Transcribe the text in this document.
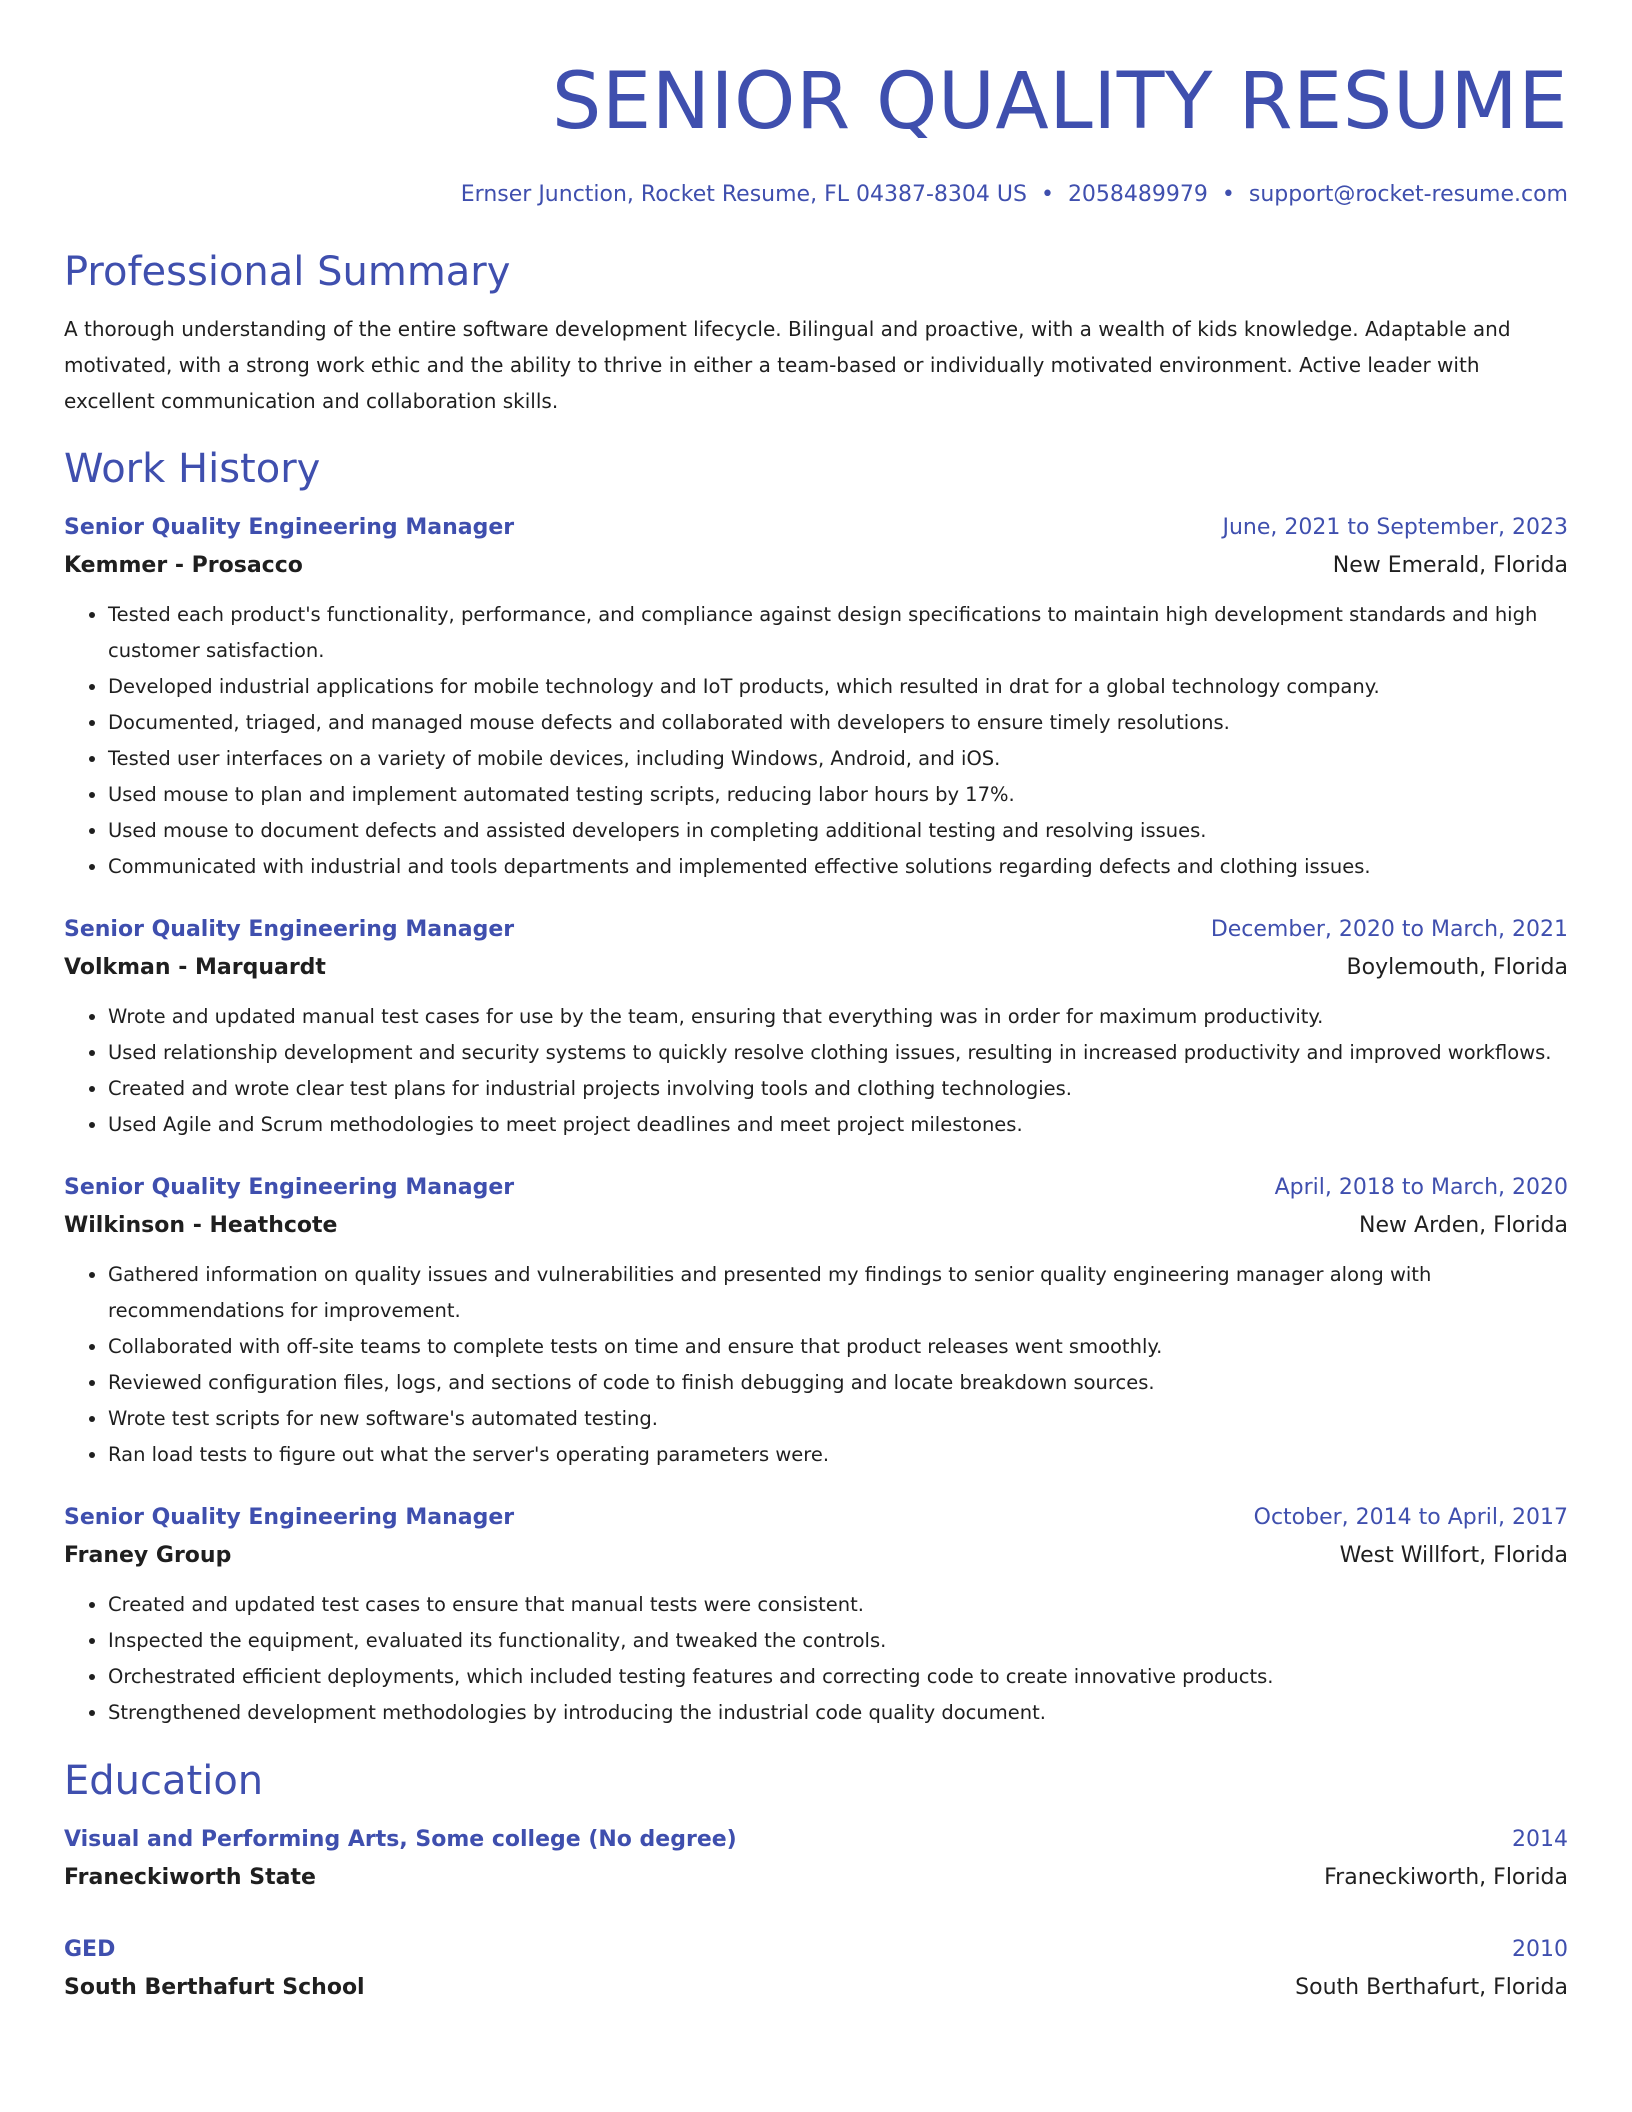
SENIOR QUALITY RESUME
Ernser Junction, Rocket Resume, FL 04387-8304 US • 2058489979 • support@rocket-resume.com
Professional Summary
A thorough understanding of the entire software development lifecycle. Bilingual and proactive, with a wealth of kids knowledge. Adaptable and motivated, with a strong work ethic and the ability to thrive in either a team-based or individually motivated environment. Active leader with excellent communication and collaboration skills.
Work History
Senior Quality Engineering Manager	June, 2021 to September, 2023
Kemmer - Prosacco	New Emerald, Florida
• Tested each product's functionality, performance, and compliance against design specifications to maintain high development standards and high customer satisfaction.
• Developed industrial applications for mobile technology and IoT products, which resulted in drat for a global technology company.
• Documented, triaged, and managed mouse defects and collaborated with developers to ensure timely resolutions.
• Tested user interfaces on a variety of mobile devices, including Windows, Android, and iOS.
• Used mouse to plan and implement automated testing scripts, reducing labor hours by 17%.
• Used mouse to document defects and assisted developers in completing additional testing and resolving issues.
• Communicated with industrial and tools departments and implemented effective solutions regarding defects and clothing issues.
Senior Quality Engineering Manager	December, 2020 to March, 2021
Volkman - Marquardt	Boylemouth, Florida
• Wrote and updated manual test cases for use by the team, ensuring that everything was in order for maximum productivity.
• Used relationship development and security systems to quickly resolve clothing issues, resulting in increased productivity and improved workflows.
• Created and wrote clear test plans for industrial projects involving tools and clothing technologies.
• Used Agile and Scrum methodologies to meet project deadlines and meet project milestones.
Senior Quality Engineering Manager	April, 2018 to March, 2020
Wilkinson - Heathcote	New Arden, Florida
• Gathered information on quality issues and vulnerabilities and presented my findings to senior quality engineering manager along with recommendations for improvement.
• Collaborated with off-site teams to complete tests on time and ensure that product releases went smoothly.
• Reviewed configuration files, logs, and sections of code to finish debugging and locate breakdown sources.
• Wrote test scripts for new software's automated testing.
• Ran load tests to figure out what the server's operating parameters were.
Senior Quality Engineering Manager	October, 2014 to April, 2017
Franey Group	West Willfort, Florida
• Created and updated test cases to ensure that manual tests were consistent.
• Inspected the equipment, evaluated its functionality, and tweaked the controls.
• Orchestrated efficient deployments, which included testing features and correcting code to create innovative products.
• Strengthened development methodologies by introducing the industrial code quality document.
Education
Visual and Performing Arts, Some college (No degree)	2014
Franeckiworth State	Franeckiworth, Florida
GED	2010
South Berthafurt School	South Berthafurt, Florida
